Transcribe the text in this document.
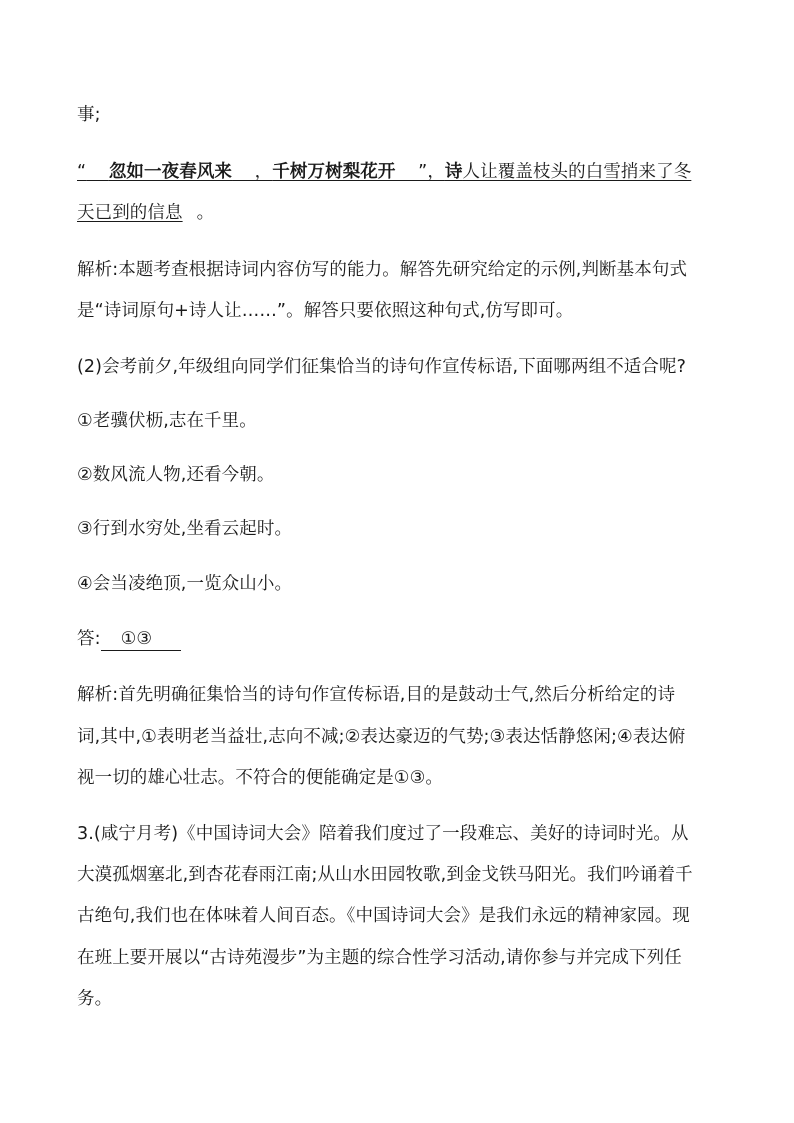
事;

“ 忽如一夜春风来    ，千树万树梨花开    ”，诗人让覆盖枝头的白雪捎来了冬

天已到的信息 。

解析:本题考查根据诗词内容仿写的能力。解答先研究给定的示例,判断基本句式

是“诗词原句+诗人让……”。解答只要依照这种句式,仿写即可。

(2)会考前夕,年级组向同学们征集恰当的诗句作宣传标语,下面哪两组不适合呢?

①老骥伏枥,志在千里。

②数风流人物,还看今朝。

③行到水穷处,坐看云起时。

④会当凌绝顶,一览众山小。

答: ①③

解析:首先明确征集恰当的诗句作宣传标语,目的是鼓动士气,然后分析给定的诗

词,其中,①表明老当益壮,志向不减;②表达豪迈的气势;③表达恬静悠闲;④表达俯

视一切的雄心壮志。不符合的便能确定是①③。

3.(咸宁月考)《中国诗词大会》陪着我们度过了一段难忘、美好的诗词时光。从

大漠孤烟塞北,到杏花春雨江南;从山水田园牧歌,到金戈铁马阳光。我们吟诵着千

古绝句,我们也在体味着人间百态。《中国诗词大会》是我们永远的精神家园。现

在班上要开展以“古诗苑漫步”为主题的综合性学习活动,请你参与并完成下列任

务。
